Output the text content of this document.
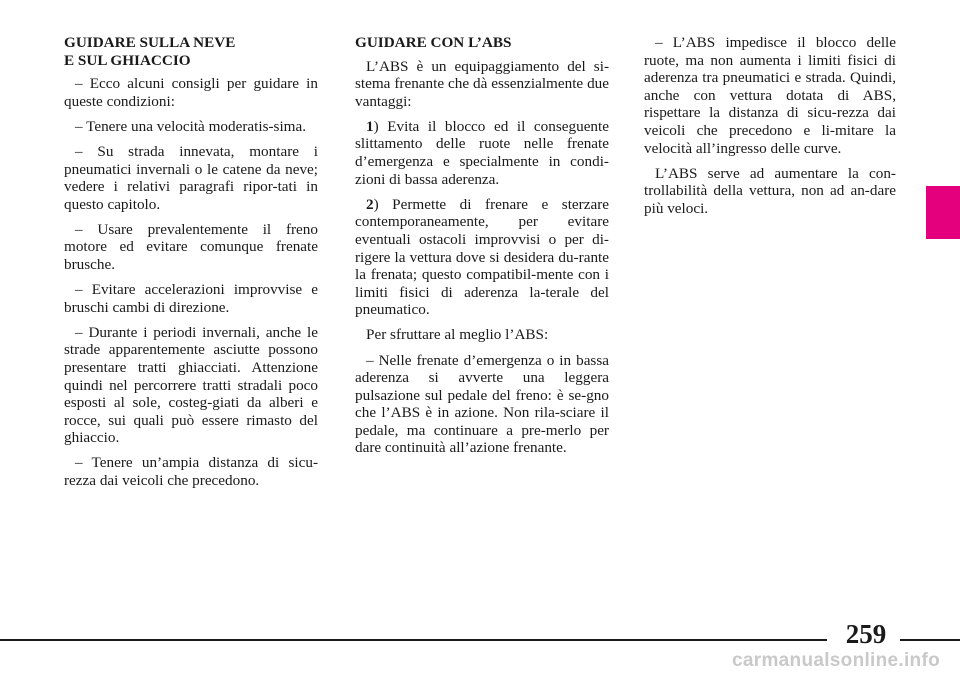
GUIDARE SULLA NEVE
E SUL GHIACCIO

– Ecco alcuni consigli per guidare in queste condizioni:

– Tenere una velocità moderatis-sima.

– Su strada innevata, montare i pneumatici invernali o le catene da neve; vedere i relativi paragrafi ripor-tati in questo capitolo.

– Usare prevalentemente il freno motore ed evitare comunque frenate brusche.

– Evitare accelerazioni improvvise e bruschi cambi di direzione.

– Durante i periodi invernali, anche le strade apparentemente asciutte possono presentare tratti ghiacciati. Attenzione quindi nel percorrere tratti stradali poco esposti al sole, costeg-giati da alberi e rocce, sui quali può essere rimasto del ghiaccio.

– Tenere un’ampia distanza di sicu-rezza dai veicoli che precedono.

GUIDARE CON L’ABS

L’ABS è un equipaggiamento del si-stema frenante che dà essenzialmente due vantaggi:

1) Evita il blocco ed il conseguente slittamento delle ruote nelle frenate d’emergenza e specialmente in condi-zioni di bassa aderenza.

2) Permette di frenare e sterzare contemporaneamente, per evitare eventuali ostacoli improvvisi o per di-rigere la vettura dove si desidera du-rante la frenata; questo compatibil-mente con i limiti fisici di aderenza la-terale del pneumatico.

Per sfruttare al meglio l’ABS:

– Nelle frenate d’emergenza o in bassa aderenza si avverte una leggera pulsazione sul pedale del freno: è se-gno che l’ABS è in azione. Non rila-sciare il pedale, ma continuare a pre-merlo per dare continuità all’azione frenante.

– L’ABS impedisce il blocco delle ruote, ma non aumenta i limiti fisici di aderenza tra pneumatici e strada. Quindi, anche con vettura dotata di ABS, rispettare la distanza di sicu-rezza dai veicoli che precedono e li-mitare la velocità all’ingresso delle curve.

L’ABS serve ad aumentare la con-trollabilità della vettura, non ad an-dare più veloci.

259
carmanualsonline.info
